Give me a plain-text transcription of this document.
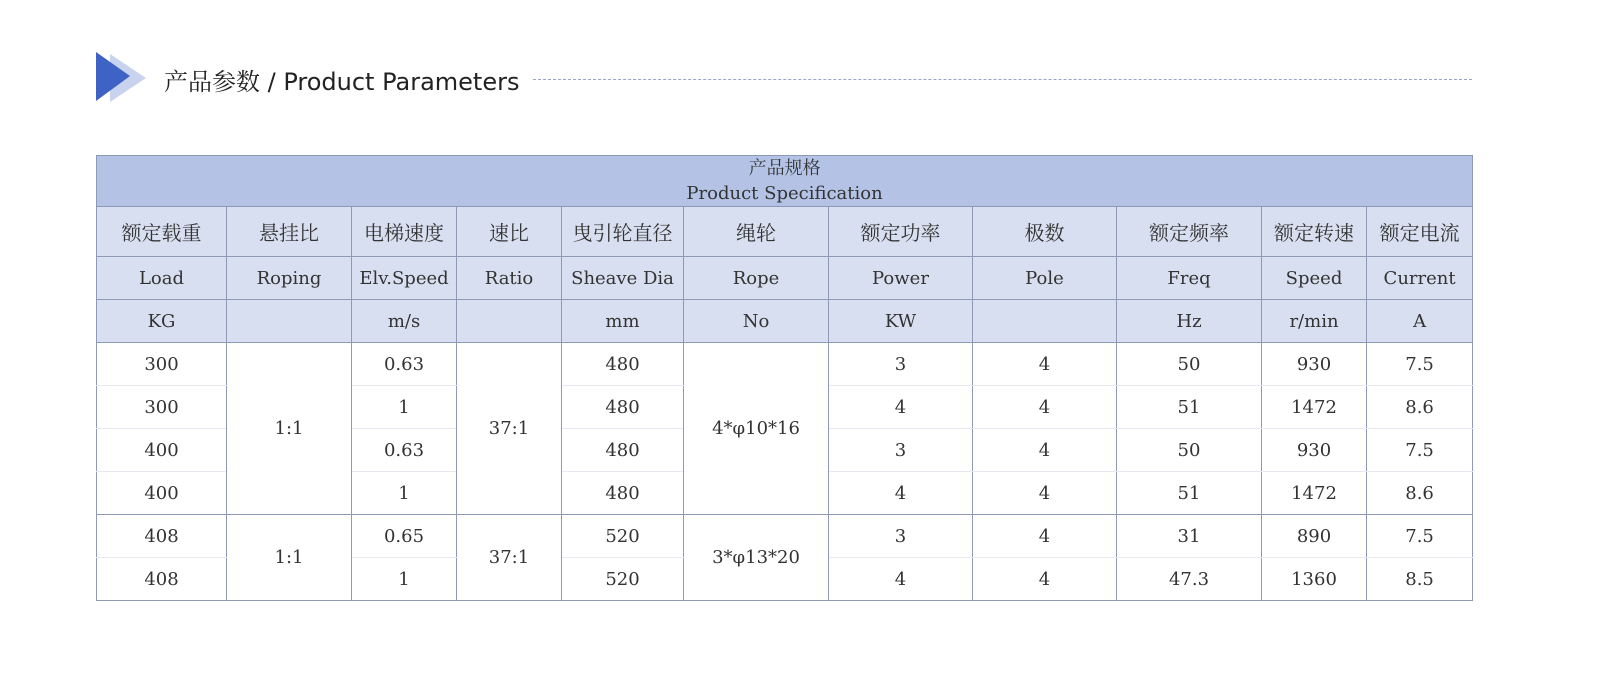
产品参数 / Product Parameters
产品规格
Product Specification										

额定载重	悬挂比	电梯速度	速比	曳引轮直径	绳轮	额定功率	极数	额定频率	额定转速	额定电流
Load	Roping	Elv.Speed	Ratio	Sheave Dia	Rope	Power	Pole	Freq	Speed	Current
KG		m/s		mm	No	KW		Hz	r/min	A
300	1:1	0.63	37:1	480	4*φ10*16	3	4	50	930	7.5
300		1		480		4	4	51	1472	8.6
400		0.63		480		3	4	50	930	7.5
400		1		480		4	4	51	1472	8.6
408	1:1	0.65	37:1	520	3*φ13*20	3	4	31	890	7.5
408		1		520		4	4	47.3	1360	8.5
